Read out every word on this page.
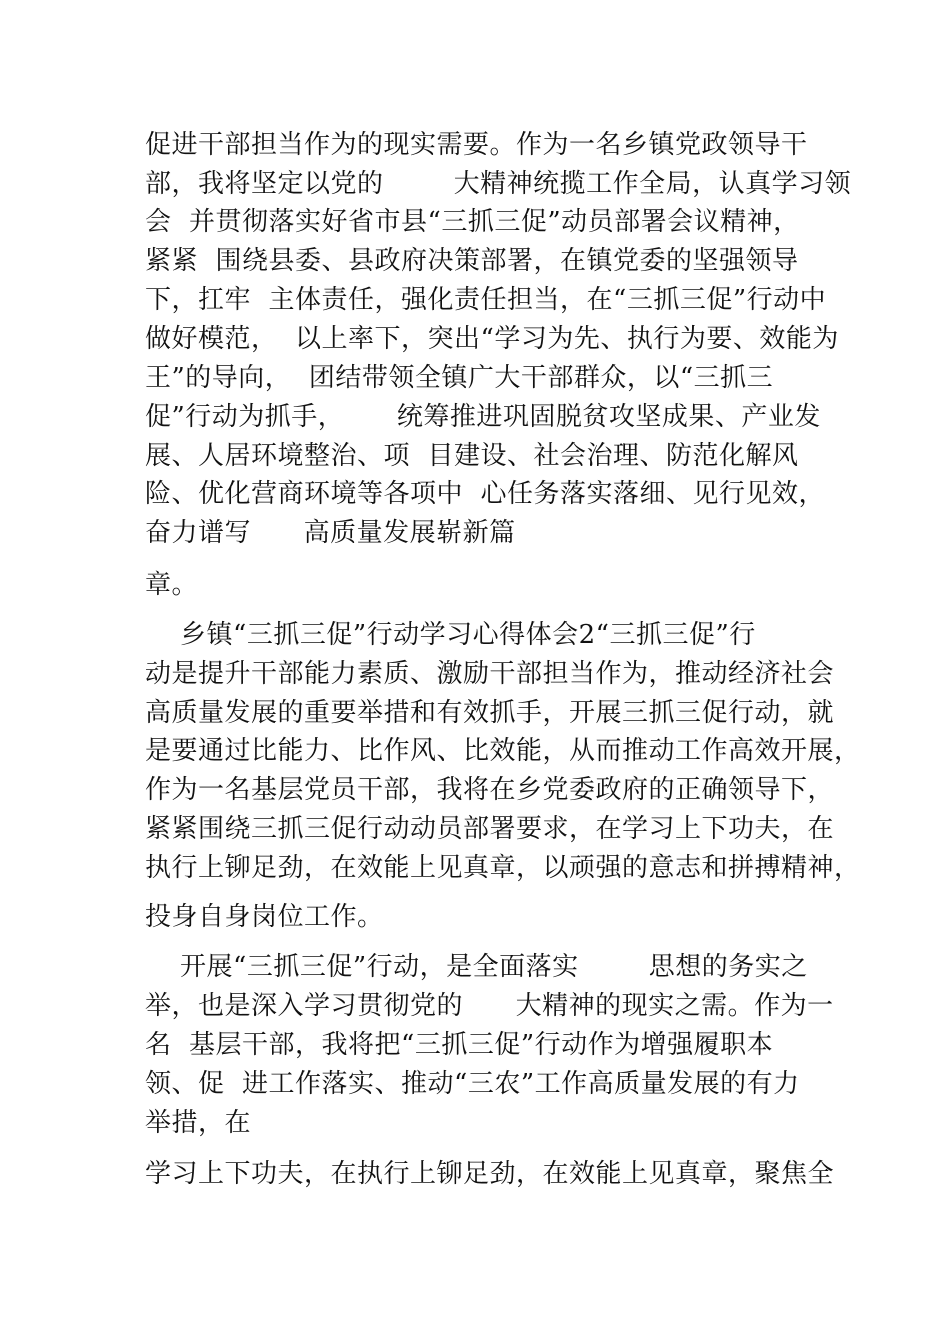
促进干部担当作为的现实需要。作为一名乡镇党政领导干
部，我将坚定以党的        大精神统揽工作全局，认真学习领
会  并贯彻落实好省市县“三抓三促”动员部署会议精神，
紧紧  围绕县委、县政府决策部署，在镇党委的坚强领导
下，扛牢  主体责任，强化责任担当，在“三抓三促”行动中
做好模范，  以上率下，突出“学习为先、执行为要、效能为
王”的导向，  团结带领全镇广大干部群众，以“三抓三
促”行动为抓手，      统筹推进巩固脱贫攻坚成果、产业发
展、人居环境整治、项  目建设、社会治理、防范化解风
险、优化营商环境等各项中  心任务落实落细、见行见效，
奋力谱写      高质量发展崭新篇
章。
乡镇“三抓三促”行动学习心得体会2“三抓三促”行
动是提升干部能力素质、激励干部担当作为，推动经济社会
高质量发展的重要举措和有效抓手，开展三抓三促行动，就
是要通过比能力、比作风、比效能，从而推动工作高效开展，
作为一名基层党员干部，我将在乡党委政府的正确领导下，
紧紧围绕三抓三促行动动员部署要求，在学习上下功夫，在
执行上铆足劲，在效能上见真章，以顽强的意志和拼搏精神，
投身自身岗位工作。
开展“三抓三促”行动，是全面落实        思想的务实之
举，也是深入学习贯彻党的      大精神的现实之需。作为一
名  基层干部，我将把“三抓三促”行动作为增强履职本
领、促  进工作落实、推动“三农”工作高质量发展的有力
举措，在
学习上下功夫，在执行上铆足劲，在效能上见真章，聚焦全
